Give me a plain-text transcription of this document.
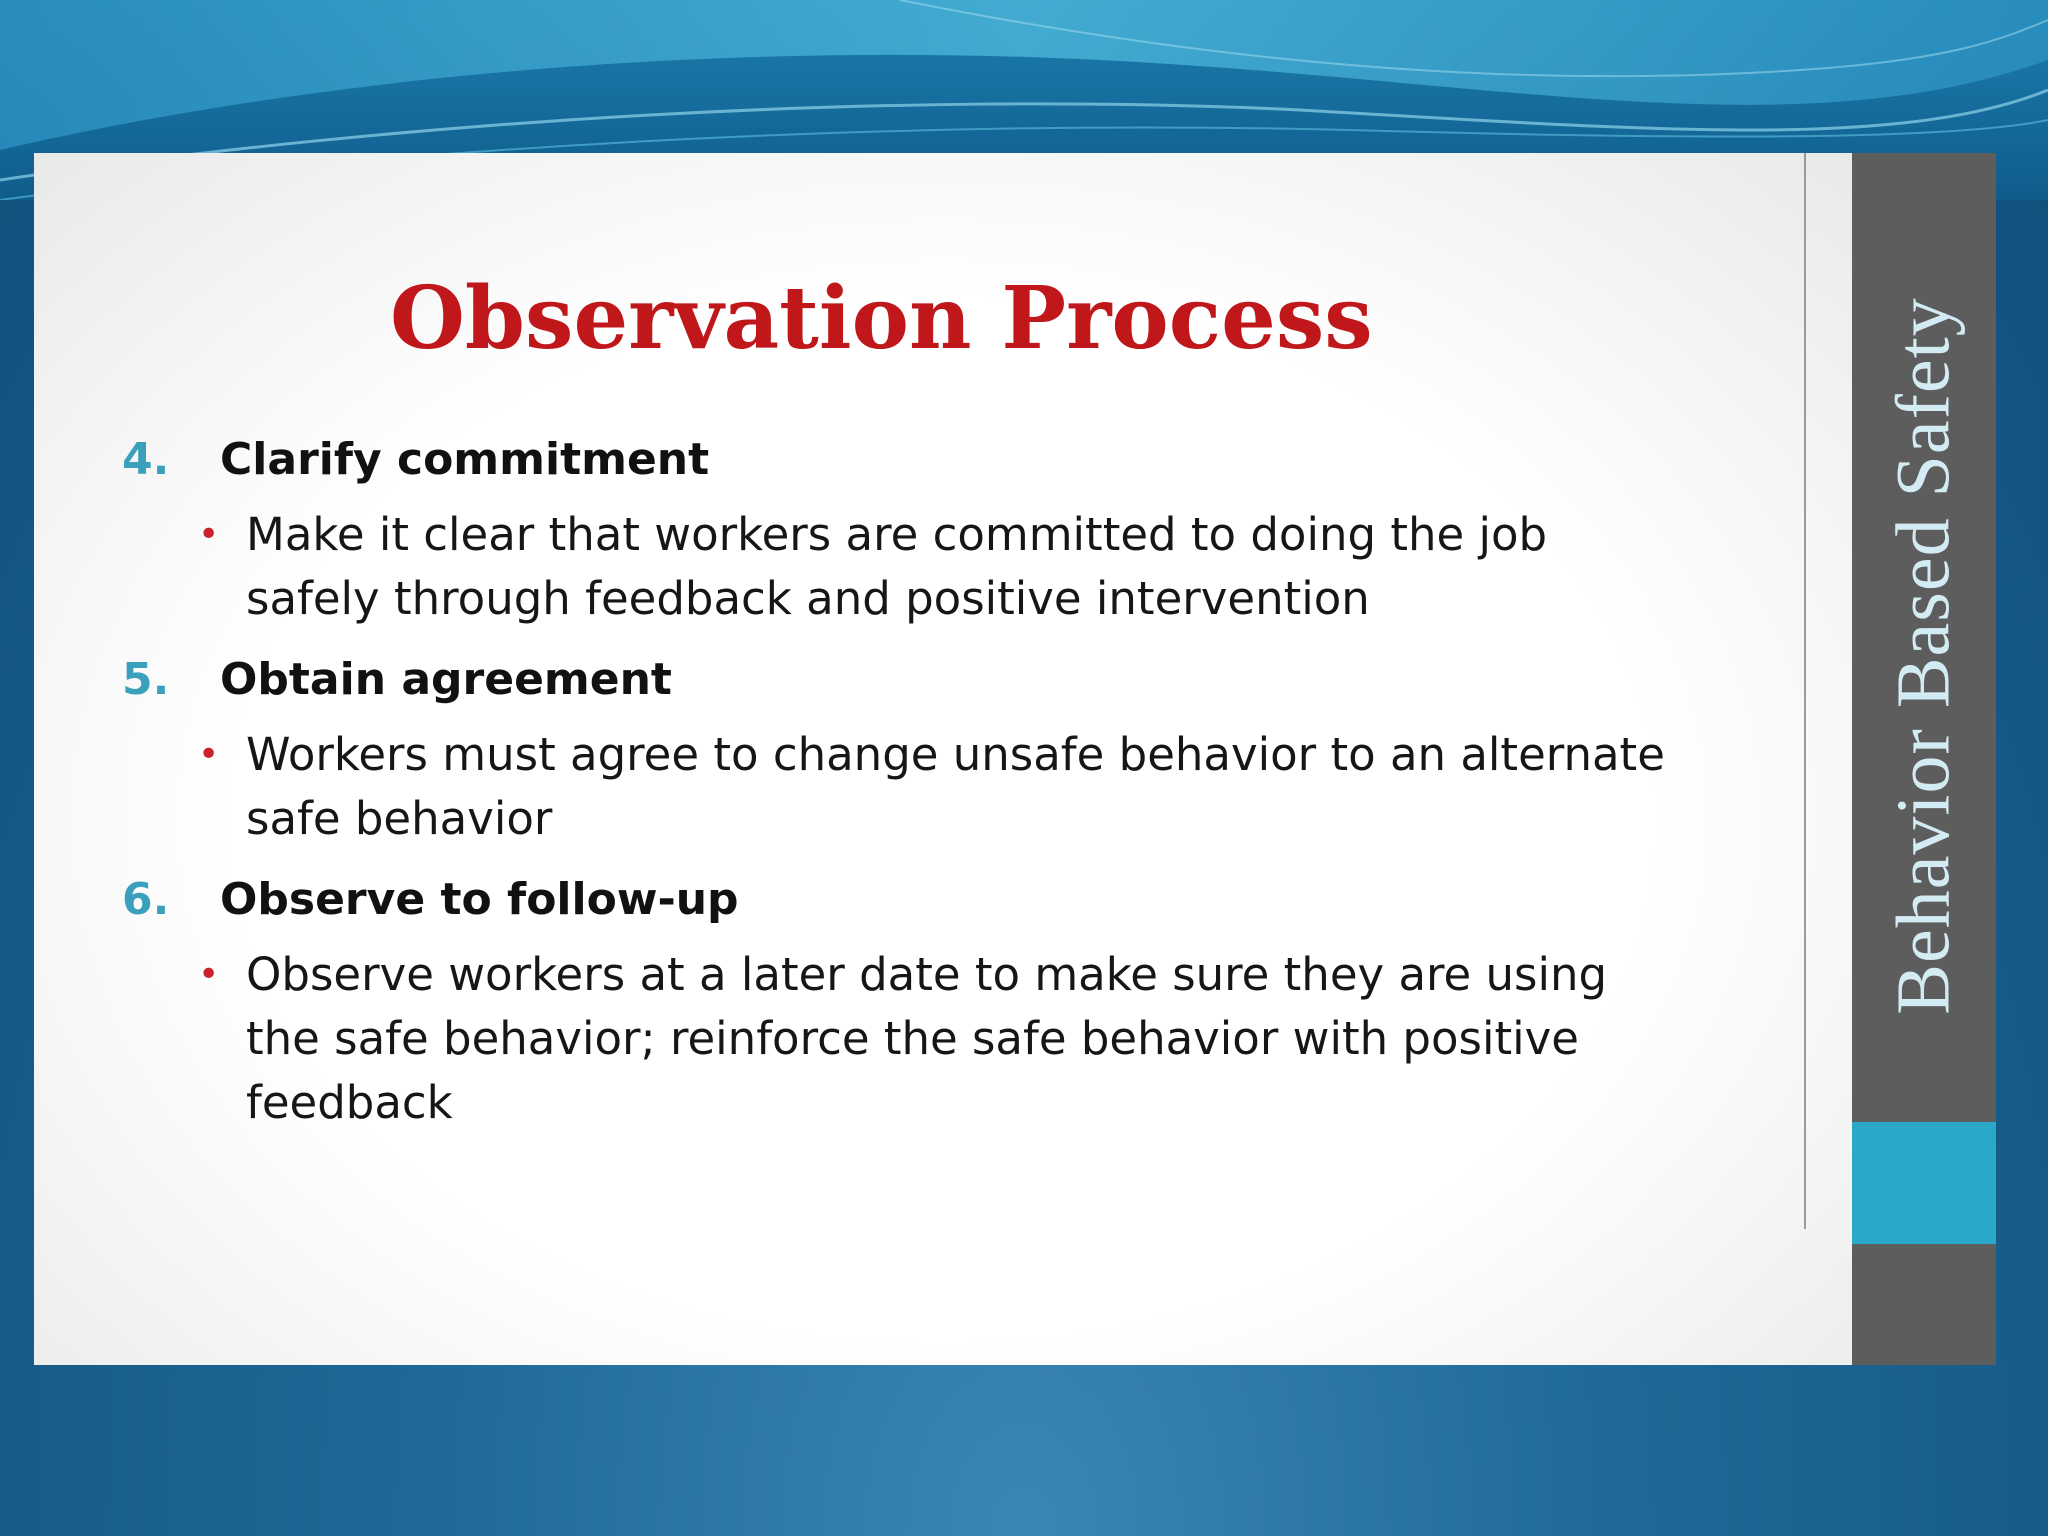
Behavior Based Safety
Observation Process
4.	Clarify commitment
• Make it clear that workers are committed to doing the job safely through feedback and positive intervention
5.	Obtain agreement
• Workers must agree to change unsafe behavior to an alternate safe behavior
6.	Observe to follow-up
• Observe workers at a later date to make sure they are using the safe behavior; reinforce the safe behavior with positive feedback
